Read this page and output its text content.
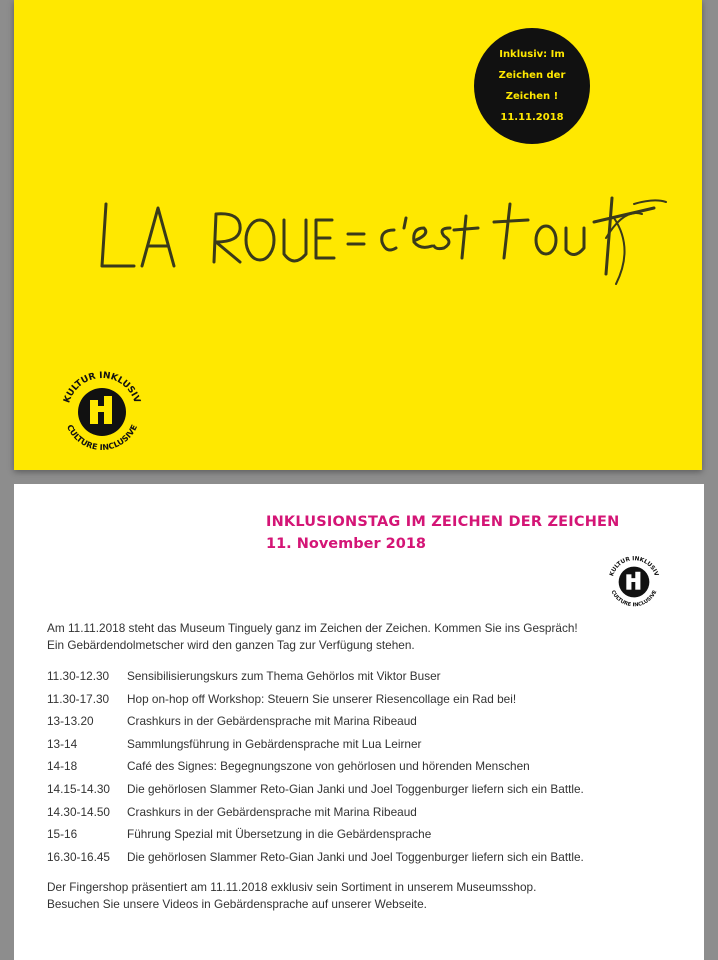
Inklusiv: Im
Zeichen der
Zeichen !
11.11.2018
KULTUR INKLUSIV
CULTURE INCLUSIVE
INKLUSIONSTAG IM ZEICHEN DER ZEICHEN
11. November 2018
Am 11.11.2018 steht das Museum Tinguely ganz im Zeichen der Zeichen. Kommen Sie ins Gespräch!
Ein Gebärdendolmetscher wird den ganzen Tag zur Verfügung stehen.
11.30-12.30 Sensibilisierungskurs zum Thema Gehörlos mit Viktor Buser
11.30-17.30 Hop on-hop off Workshop: Steuern Sie unserer Riesencollage ein Rad bei!
13-13.20	Crashkurs in der Gebärdensprache mit Marina Ribeaud
13-14	Sammlungsführung in Gebärdensprache mit Lua Leirner
14-18	Café des Signes: Begegnungszone von gehörlosen und hörenden Menschen
14.15-14.30 Die gehörlosen Slammer Reto-Gian Janki und Joel Toggenburger liefern sich ein Battle.
14.30-14.50 Crashkurs in der Gebärdensprache mit Marina Ribeaud
15-16	Führung Spezial mit Übersetzung in die Gebärdensprache
16.30-16.45 Die gehörlosen Slammer Reto-Gian Janki und Joel Toggenburger liefern sich ein Battle.
Der Fingershop präsentiert am 11.11.2018 exklusiv sein Sortiment in unserem Museumsshop.
Besuchen Sie unsere Videos in Gebärdensprache auf unserer Webseite.
KULTUR INKLUSIV
CULTURE INCLUSIVE
